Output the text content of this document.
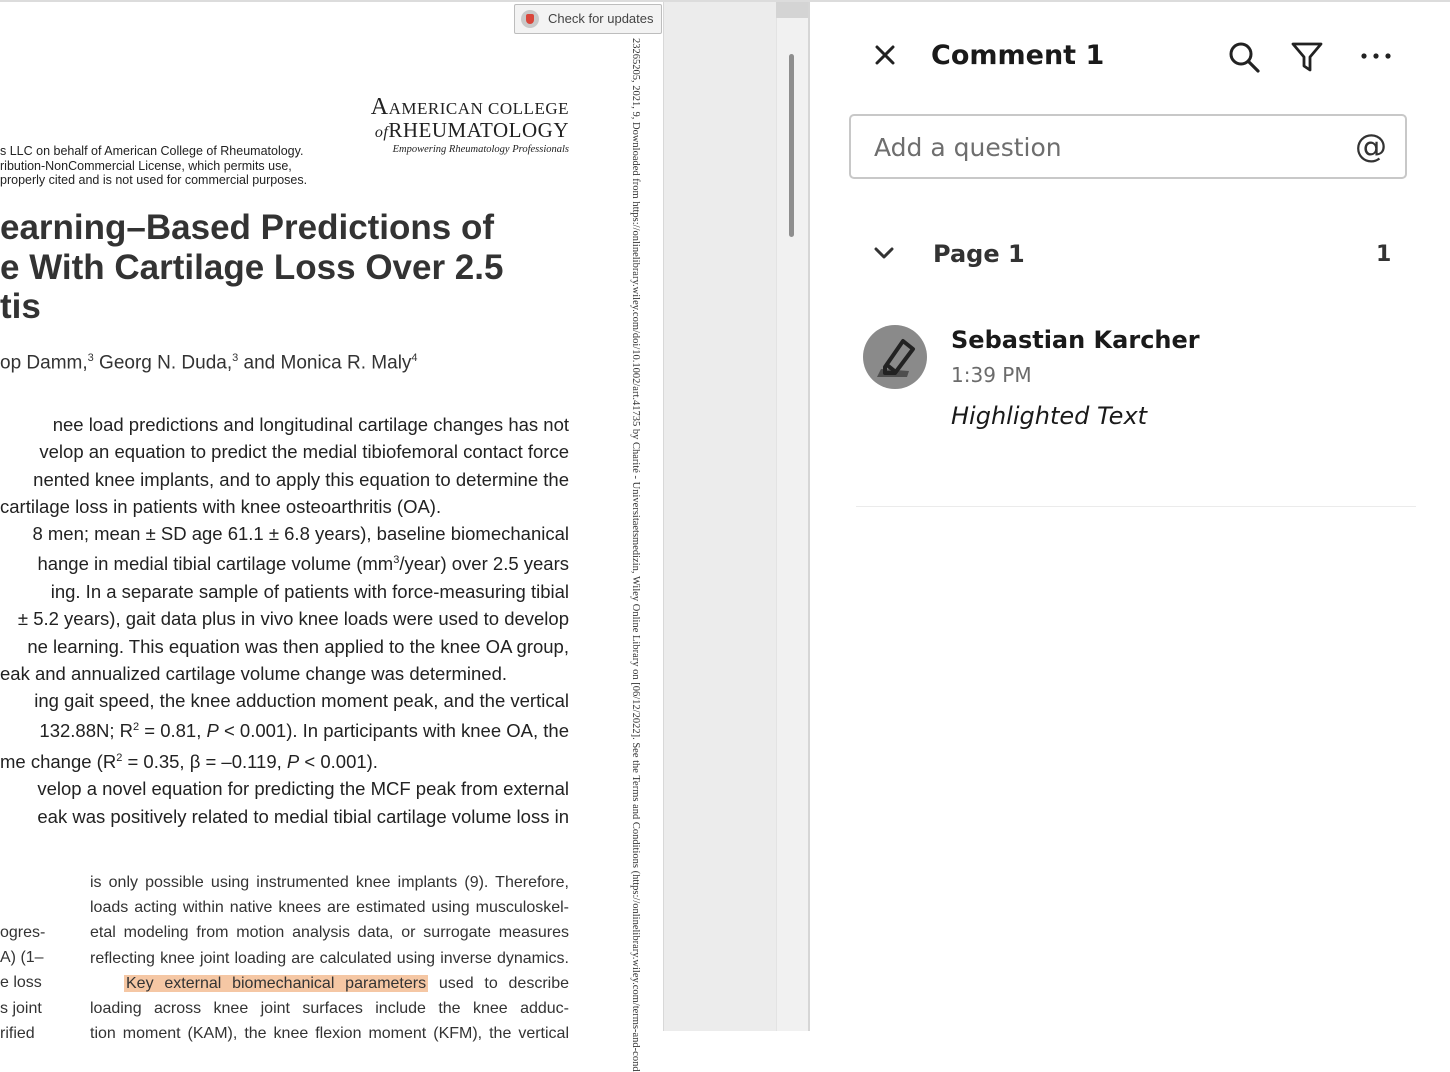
Check for updates
AAMERICAN COLLEGE
ofRHEUMATOLOGY
Empowering Rheumatology Professionals
s LLC on behalf of American College of Rheumatology.
ribution-NonCommercial License, which permits use,
properly cited and is not used for commercial purposes.
earning–Based Predictions of
e With Cartilage Loss Over 2.5
tis
op Damm,$^3$ Georg N. Duda,$^3$ and Monica R. Maly$^4$
nee load predictions and longitudinal cartilage changes has not
velop an equation to predict the medial tibiofemoral contact force
nented knee implants, and to apply this equation to determine the
cartilage loss in patients with knee osteoarthritis (OA).
8 men; mean ± SD age 61.1 ± 6.8 years), baseline biomechanical
hange in medial tibial cartilage volume $(mm^3/year)$ over 2.5 years
ing. In a separate sample of patients with force-measuring tibial
± 5.2 years), gait data plus in vivo knee loads were used to develop
ne learning. This equation was then applied to the knee OA group,
eak and annualized cartilage volume change was determined.
ing gait speed, the knee adduction moment peak, and the vertical
132.88N; $R^2 = 0.81$, P < 0.001). In participants with knee OA, the
me change ($R^2 = 0.35$, β = –0.119, P < 0.001).
velop a novel equation for predicting the MCF peak from external
eak was positively related to medial tibial cartilage volume loss in
ogres-
A) (1–
e loss
s joint
rified
is only possible using instrumented knee implants (9). Therefore,
loads acting within native knees are estimated using musculoskel-
etal modeling from motion analysis data, or surrogate measures
reflecting knee joint loading are calculated using inverse dynamics.
Key external biomechanical parameters used to describe
loading across knee joint surfaces include the knee adduc-
tion moment (KAM), the knee flexion moment (KFM), the vertical	23265205, 2021, 9, Downloaded from https://onlinelibrary.wiley.com/doi/10.1002/art.41735 by Charité - Universitaetsmedizin, Wiley Online Library on [06/12/2022]. See the Terms and Conditions (https://onlinelibrary.wiley.com/terms-and-cond	Comment 1
Add a question
@
Page 1	1
Sebastian Karcher
1:39 PM
Highlighted Text
